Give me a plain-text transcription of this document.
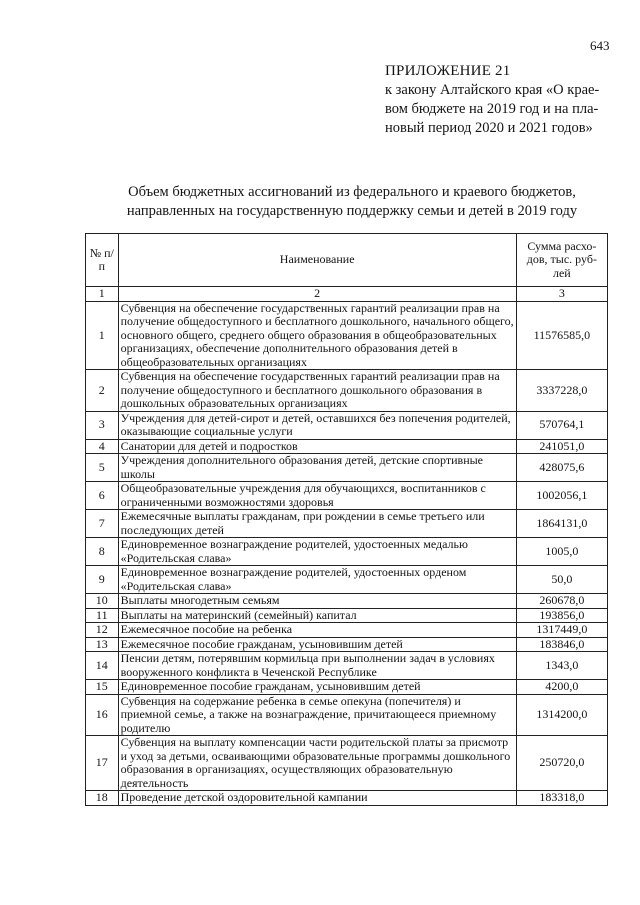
643
ПРИЛОЖЕНИЕ 21
к закону Алтайского края «О крае-
вом бюджете на 2019 год и на пла-
новый период 2020 и 2021 годов»
Объем бюджетных ассигнований из федерального и краевого бюджетов,
направленных на государственную поддержку семьи и детей в 2019 году
№ п/п	Наименование	Сумма расхо-дов, тыс. руб-лей
1	2	3
1	Субвенция на обеспечение государственных гарантий реализации прав на получение общедоступного и бесплатного дошкольного, начального общего, основного общего, среднего общего образования в общеобразовательных организациях, обеспечение дополнительного образования детей в общеобразовательных организациях	11576585,0
2	Субвенция на обеспечение государственных гарантий реализации прав на получение общедоступного и бесплатного дошкольного образования в дошкольных образовательных организациях	3337228,0
3	Учреждения для детей-сирот и детей, оставшихся без попечения родителей, оказывающие социальные услуги	570764,1
4	Санатории для детей и подростков	241051,0
5	Учреждения дополнительного образования детей, детские спортивные школы	428075,6
6	Общеобразовательные учреждения для обучающихся, воспитанников с ограниченными возможностями здоровья	1002056,1
7	Ежемесячные выплаты гражданам, при рождении в семье третьего или последующих детей	1864131,0
8	Единовременное вознаграждение родителей, удостоенных медалью «Родительская слава»	1005,0
9	Единовременное вознаграждение родителей, удостоенных орденом «Родительская слава»	50,0
10	Выплаты многодетным семьям	260678,0
11	Выплаты на материнский (семейный) капитал	193856,0
12	Ежемесячное пособие на ребенка	1317449,0
13	Ежемесячное пособие гражданам, усыновившим детей	183846,0
14	Пенсии детям, потерявшим кормильца при выполнении задач в условиях вооруженного конфликта в Чеченской Республике	1343,0
15	Единовременное пособие гражданам, усыновившим детей	4200,0
16	Субвенция на содержание ребенка в семье опекуна (попечителя) и приемной семье, а также на вознаграждение, причитающееся приемному родителю	1314200,0
17	Субвенция на выплату компенсации части родительской платы за присмотр и уход за детьми, осваивающими образовательные программы дошкольного образования в организациях, осуществляющих образовательную деятельность	250720,0
18	Проведение детской оздоровительной кампании	183318,0
